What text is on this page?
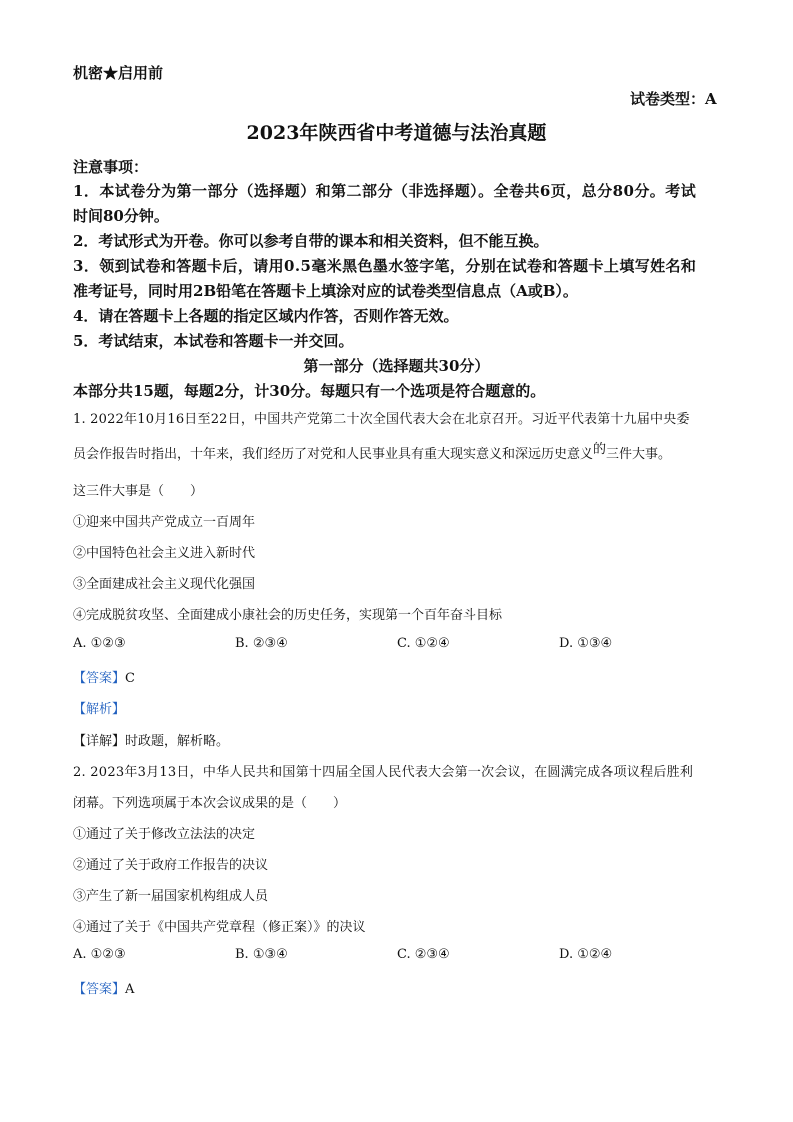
机密★启用前
试卷类型：A
2023年陕西省中考道德与法治真题
注意事项：
1．本试卷分为第一部分（选择题）和第二部分（非选择题）。全卷共6页，总分80分。考试
时间80分钟。
2．考试形式为开卷。你可以参考自带的课本和相关资料，但不能互换。
3．领到试卷和答题卡后，请用0.5毫米黑色墨水签字笔，分别在试卷和答题卡上填写姓名和
准考证号，同时用2B铅笔在答题卡上填涂对应的试卷类型信息点（A或B）。
4．请在答题卡上各题的指定区域内作答，否则作答无效。
5．考试结束，本试卷和答题卡一并交回。
第一部分（选择题共30分）
本部分共15题，每题2分，计30分。每题只有一个选项是符合题意的。
1. 2022年10月16日至22日，中国共产党第二十次全国代表大会在北京召开。习近平代表第十九届中央委
员会作报告时指出，十年来，我们经历了对党和人民事业具有重大现实意义和深远历史意义的三件大事。
这三件大事是（　　）
①迎来中国共产党成立一百周年
②中国特色社会主义进入新时代
③全面建成社会主义现代化强国
④完成脱贫攻坚、全面建成小康社会的历史任务，实现第一个百年奋斗目标
A. ①②③	B. ②③④	C. ①②④	D. ①③④
【答案】C
【解析】
【详解】时政题，解析略。
2. 2023年3月13日，中华人民共和国第十四届全国人民代表大会第一次会议，在圆满完成各项议程后胜利
闭幕。下列选项属于本次会议成果的是（　　）
①通过了关于修改立法法的决定
②通过了关于政府工作报告的决议
③产生了新一届国家机构组成人员
④通过了关于《中国共产党章程（修正案）》的决议
A. ①②③	B. ①③④	C. ②③④	D. ①②④
【答案】A
